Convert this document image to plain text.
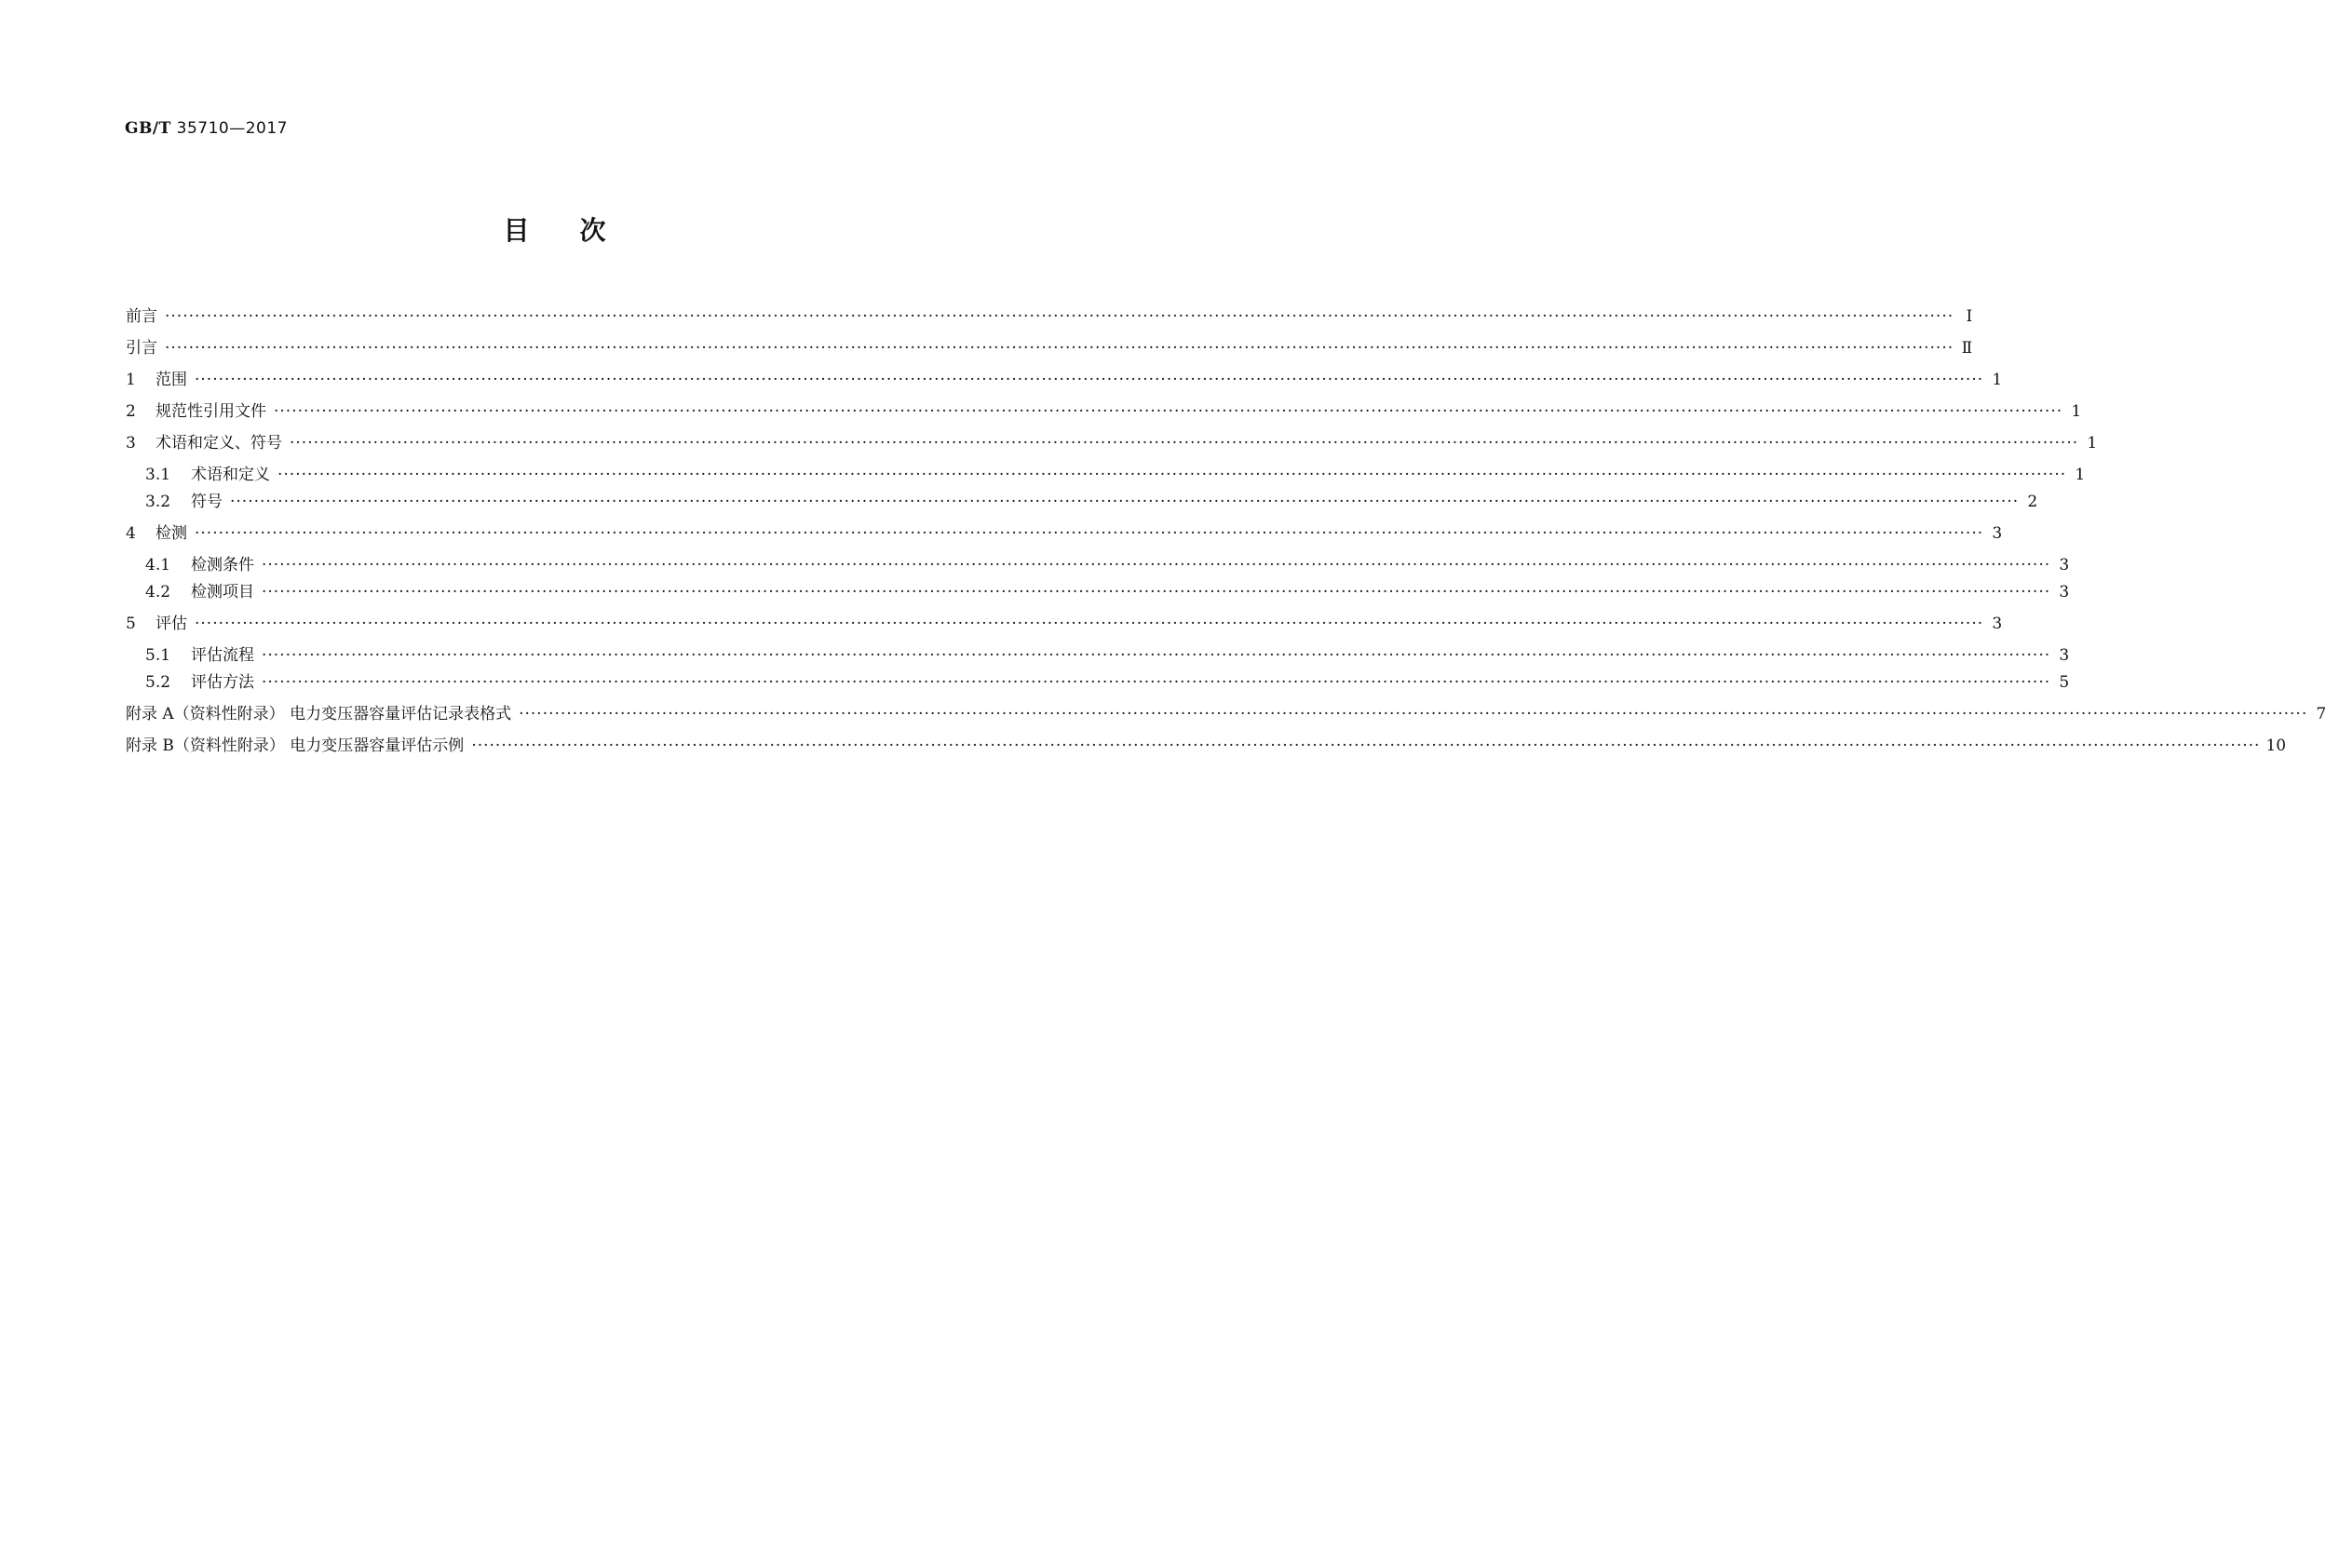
GB/T 35710—2017
目次
前言 ············································································································································································································································································································ Ⅰ
引言 ············································································································································································································································································································ Ⅱ
1	范围 ············································································································································································································································································································ 1
2	规范性引用文件 ············································································································································································································································································································ 1
3	术语和定义、符号 ············································································································································································································································································································ 1
3.1	术语和定义 ············································································································································································································································································································ 1
3.2	符号 ············································································································································································································································································································ 2
4	检测 ············································································································································································································································································································ 3
4.1	检测条件 ············································································································································································································································································································ 3
4.2	检测项目 ············································································································································································································································································································ 3
5	评估 ············································································································································································································································································································ 3
5.1	评估流程 ············································································································································································································································································································ 3
5.2	评估方法 ············································································································································································································································································································ 5
附录 A（资料性附录） 电力变压器容量评估记录表格式 ············································································································································································································································································································ 7
附录 B（资料性附录） 电力变压器容量评估示例 ············································································································································································································································································································ 10
